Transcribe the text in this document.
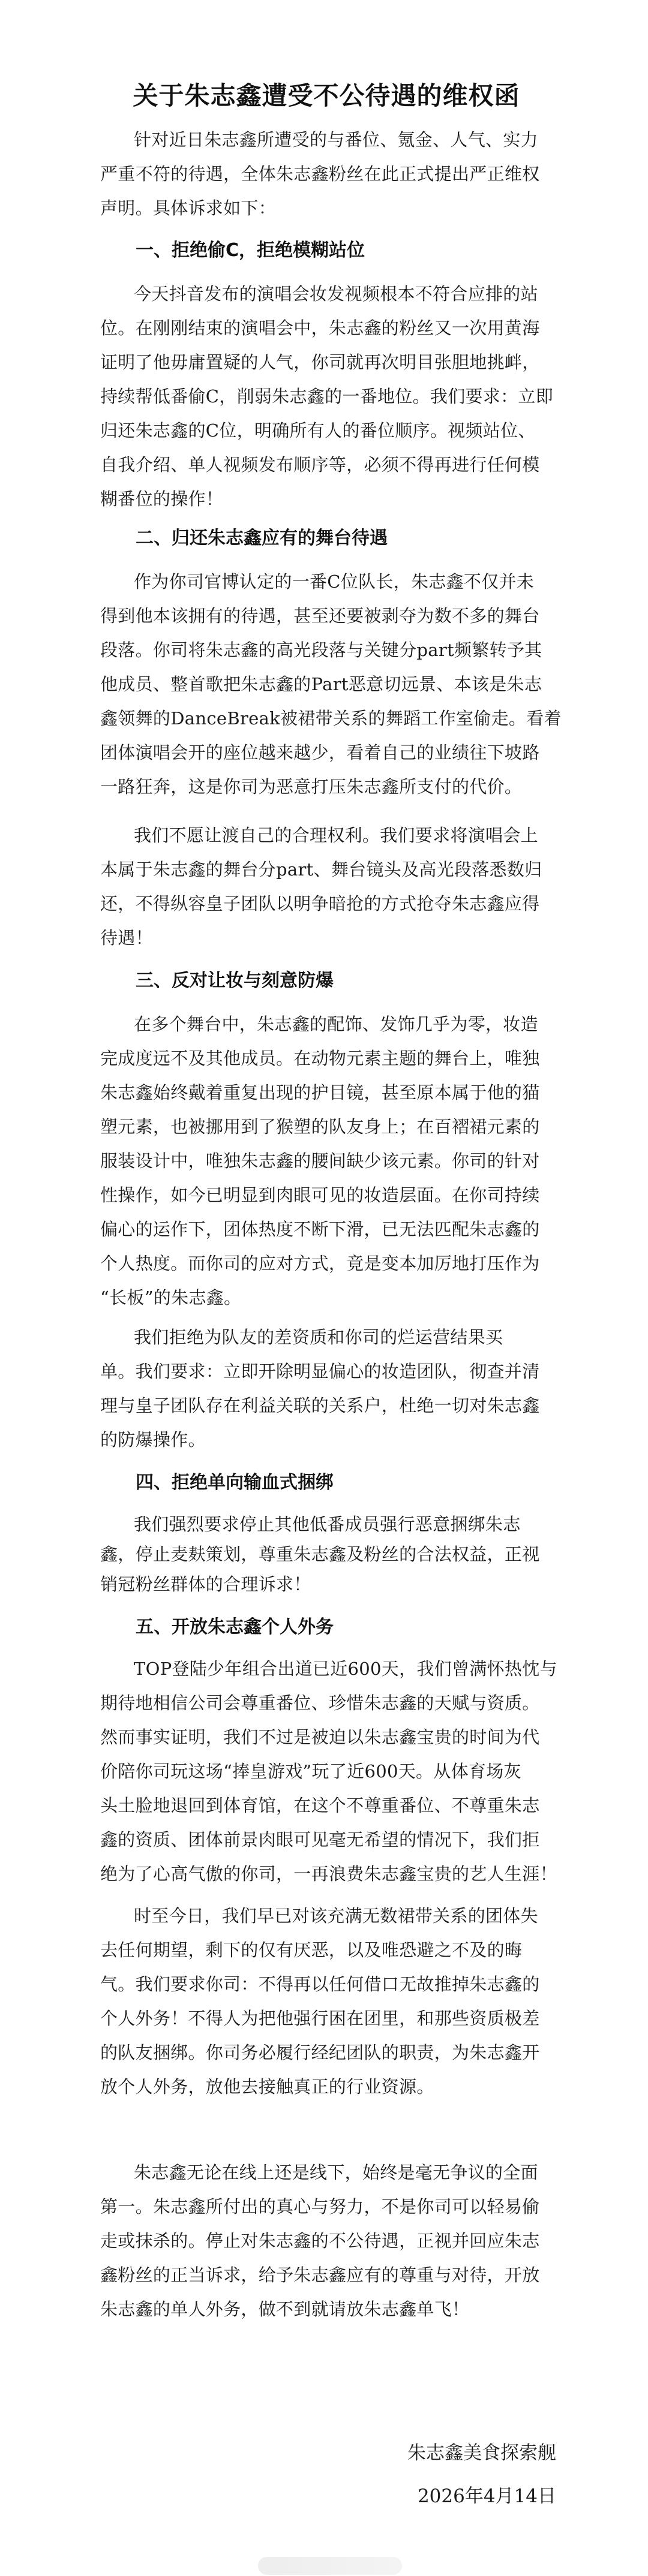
关于朱志鑫遭受不公待遇的维权函
针对近日朱志鑫所遭受的与番位、氪金、人气、实力
严重不符的待遇，全体朱志鑫粉丝在此正式提出严正维权
声明。具体诉求如下：
一、拒绝偷C，拒绝模糊站位
今天抖音发布的演唱会妆发视频根本不符合应排的站
位。在刚刚结束的演唱会中，朱志鑫的粉丝又一次用黄海
证明了他毋庸置疑的人气，你司就再次明目张胆地挑衅，
持续帮低番偷C，削弱朱志鑫的一番地位。我们要求：立即
归还朱志鑫的C位，明确所有人的番位顺序。视频站位、
自我介绍、单人视频发布顺序等，必须不得再进行任何模
糊番位的操作！
二、归还朱志鑫应有的舞台待遇
作为你司官博认定的一番C位队长，朱志鑫不仅并未
得到他本该拥有的待遇，甚至还要被剥夺为数不多的舞台
段落。你司将朱志鑫的高光段落与关键分part频繁转予其
他成员、整首歌把朱志鑫的Part恶意切远景、本该是朱志
鑫领舞的DanceBreak被裙带关系的舞蹈工作室偷走。看着
团体演唱会开的座位越来越少，看着自己的业绩往下坡路
一路狂奔，这是你司为恶意打压朱志鑫所支付的代价。
我们不愿让渡自己的合理权利。我们要求将演唱会上
本属于朱志鑫的舞台分part、舞台镜头及高光段落悉数归
还，不得纵容皇子团队以明争暗抢的方式抢夺朱志鑫应得
待遇！
三、反对让妆与刻意防爆
在多个舞台中，朱志鑫的配饰、发饰几乎为零，妆造
完成度远不及其他成员。在动物元素主题的舞台上，唯独
朱志鑫始终戴着重复出现的护目镜，甚至原本属于他的猫
塑元素，也被挪用到了猴塑的队友身上；在百褶裙元素的
服装设计中，唯独朱志鑫的腰间缺少该元素。你司的针对
性操作，如今已明显到肉眼可见的妆造层面。在你司持续
偏心的运作下，团体热度不断下滑，已无法匹配朱志鑫的
个人热度。而你司的应对方式，竟是变本加厉地打压作为
“长板”的朱志鑫。
我们拒绝为队友的差资质和你司的烂运营结果买
单。我们要求：立即开除明显偏心的妆造团队，彻查并清
理与皇子团队存在利益关联的关系户，杜绝一切对朱志鑫
的防爆操作。
四、拒绝单向输血式捆绑
我们强烈要求停止其他低番成员强行恶意捆绑朱志
鑫，停止麦麸策划，尊重朱志鑫及粉丝的合法权益，正视
销冠粉丝群体的合理诉求！
五、开放朱志鑫个人外务
TOP登陆少年组合出道已近600天，我们曾满怀热忱与
期待地相信公司会尊重番位、珍惜朱志鑫的天赋与资质。
然而事实证明，我们不过是被迫以朱志鑫宝贵的时间为代
价陪你司玩这场“捧皇游戏”玩了近600天。从体育场灰
头土脸地退回到体育馆，在这个不尊重番位、不尊重朱志
鑫的资质、团体前景肉眼可见毫无希望的情况下，我们拒
绝为了心高气傲的你司，一再浪费朱志鑫宝贵的艺人生涯！
时至今日，我们早已对该充满无数裙带关系的团体失
去任何期望，剩下的仅有厌恶，以及唯恐避之不及的晦
气。我们要求你司：不得再以任何借口无故推掉朱志鑫的
个人外务！不得人为把他强行困在团里，和那些资质极差
的队友捆绑。你司务必履行经纪团队的职责，为朱志鑫开
放个人外务，放他去接触真正的行业资源。
朱志鑫无论在线上还是线下，始终是毫无争议的全面
第一。朱志鑫所付出的真心与努力，不是你司可以轻易偷
走或抹杀的。停止对朱志鑫的不公待遇，正视并回应朱志
鑫粉丝的正当诉求，给予朱志鑫应有的尊重与对待，开放
朱志鑫的单人外务，做不到就请放朱志鑫单飞！
朱志鑫美食探索舰
2026年4月14日
